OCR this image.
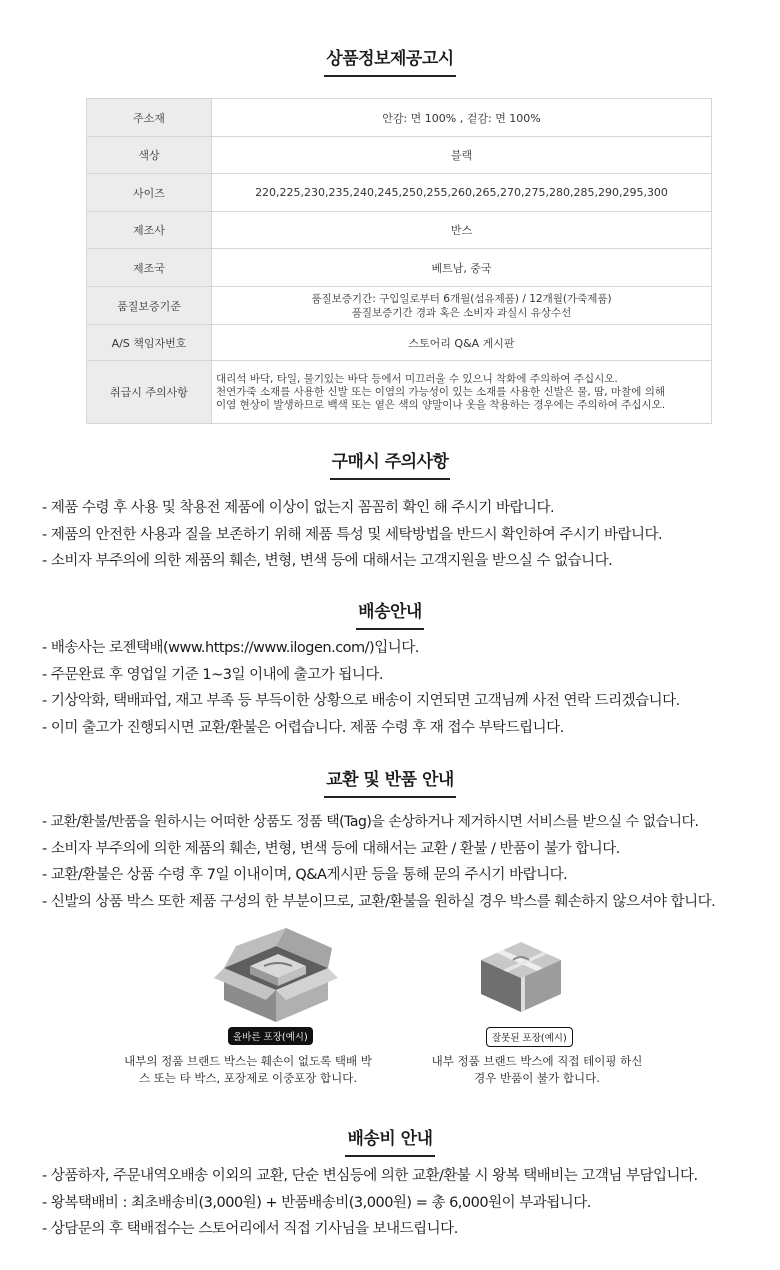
상품정보제공고시
주소재	안감: 면 100% , 겉감: 면 100%
색상	블랙
사이즈	220,225,230,235,240,245,250,255,260,265,270,275,280,285,290,295,300
제조사	반스
제조국	베트남, 중국
품질보증기준	품질보증기간: 구입일로부터 6개월(섬유제품) / 12개월(가죽제품)
품질보증기간 경과 혹은 소비자 과실시 유상수선

A/S 책임자번호	스토어리 Q&A 게시판
취급시 주의사항	대리석 바닥, 타일, 물기있는 바닥 등에서 미끄러울 수 있으니 착화에 주의하여 주십시오.
천연가죽 소재를 사용한 신발 또는 이염의 가능성이 있는 소재를 사용한 신발은 물, 땀, 마찰에 의해
이염 현상이 발생하므로 백색 또는 옅은 색의 양말이나 옷을 착용하는 경우에는 주의하여 주십시오.
구매시 주의사항
- 제품 수령 후 사용 및 착용전 제품에 이상이 없는지 꼼꼼히 확인 해 주시기 바랍니다.
- 제품의 안전한 사용과 질을 보존하기 위해 제품 특성 및 세탁방법을 반드시 확인하여 주시기 바랍니다.
- 소비자 부주의에 의한 제품의 훼손, 변형, 변색 등에 대해서는 고객지원을 받으실 수 없습니다.
배송안내
- 배송사는 로젠택배(www.https://www.ilogen.com/)입니다.
- 주문완료 후 영업일 기준 1~3일 이내에 출고가 됩니다.
- 기상악화, 택배파업, 재고 부족 등 부득이한 상황으로 배송이 지연되면 고객님께 사전 연락 드리겠습니다.
- 이미 출고가 진행되시면 교환/환불은 어렵습니다. 제품 수령 후 재 접수 부탁드립니다.
교환 및 반품 안내
- 교환/환불/반품을 원하시는 어떠한 상품도 정품 택(Tag)을 손상하거나 제거하시면 서비스를 받으실 수 없습니다.
- 소비자 부주의에 의한 제품의 훼손, 변형, 변색 등에 대해서는 교환 / 환불 / 반품이 불가 합니다.
- 교환/환불은 상품 수령 후 7일 이내이며, Q&A게시판 등을 통해 문의 주시기 바랍니다.
- 신발의 상품 박스 또한 제품 구성의 한 부분이므로, 교환/환불을 원하실 경우 박스를 훼손하지 않으셔야 합니다.
올바른 포장(예시)
내부의 정품 브랜드 박스는 훼손이 없도록 택배 박
스 또는 타 박스, 포장제로 이중포장 합니다.
잘못된 포장(예시)
내부 정품 브랜드 박스에 직접 테이핑 하신
경우 반품이 불가 합니다.
배송비 안내
- 상품하자, 주문내역오배송 이외의 교환, 단순 변심등에 의한 교환/환불 시 왕복 택배비는 고객님 부담입니다.
- 왕복택배비 : 최초배송비(3,000원) + 반품배송비(3,000원) = 총 6,000원이 부과됩니다.
- 상담문의 후 택배접수는 스토어리에서 직접 기사님을 보내드립니다.
